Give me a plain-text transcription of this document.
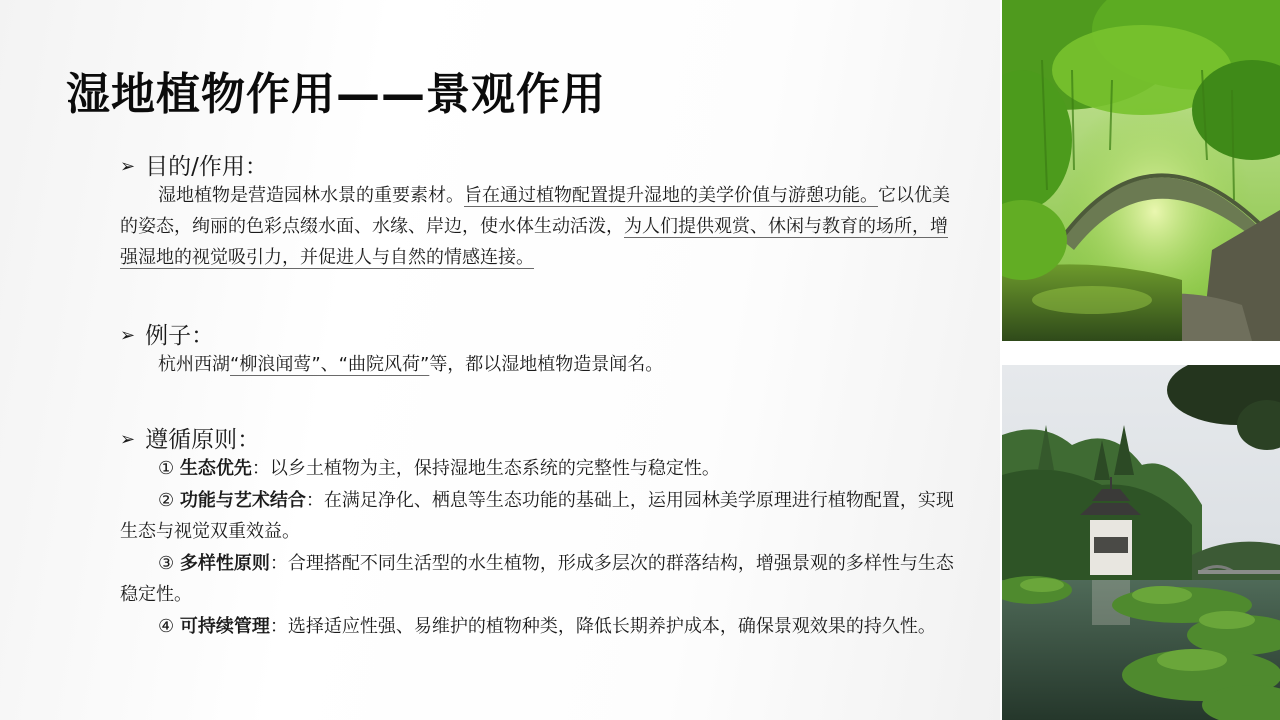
湿地植物作用——景观作用
➢ 目的/作用：
湿地植物是营造园林水景的重要素材。旨在通过植物配置提升湿地的美学价值与游憩功能。它以优美的姿态，绚丽的色彩点缀水面、水缘、岸边，使水体生动活泼，为人们提供观赏、休闲与教育的场所，增强湿地的视觉吸引力，并促进人与自然的情感连接。
➢ 例子：
杭州西湖“柳浪闻莺”、“曲院风荷”等，都以湿地植物造景闻名。
➢ 遵循原则：
① 生态优先：以乡土植物为主，保持湿地生态系统的完整性与稳定性。
② 功能与艺术结合：在满足净化、栖息等生态功能的基础上，运用园林美学原理进行植物配置，实现生态与视觉双重效益。
③ 多样性原则：合理搭配不同生活型的水生植物，形成多层次的群落结构，增强景观的多样性与生态稳定性。
④ 可持续管理：选择适应性强、易维护的植物种类，降低长期养护成本，确保景观效果的持久性。
